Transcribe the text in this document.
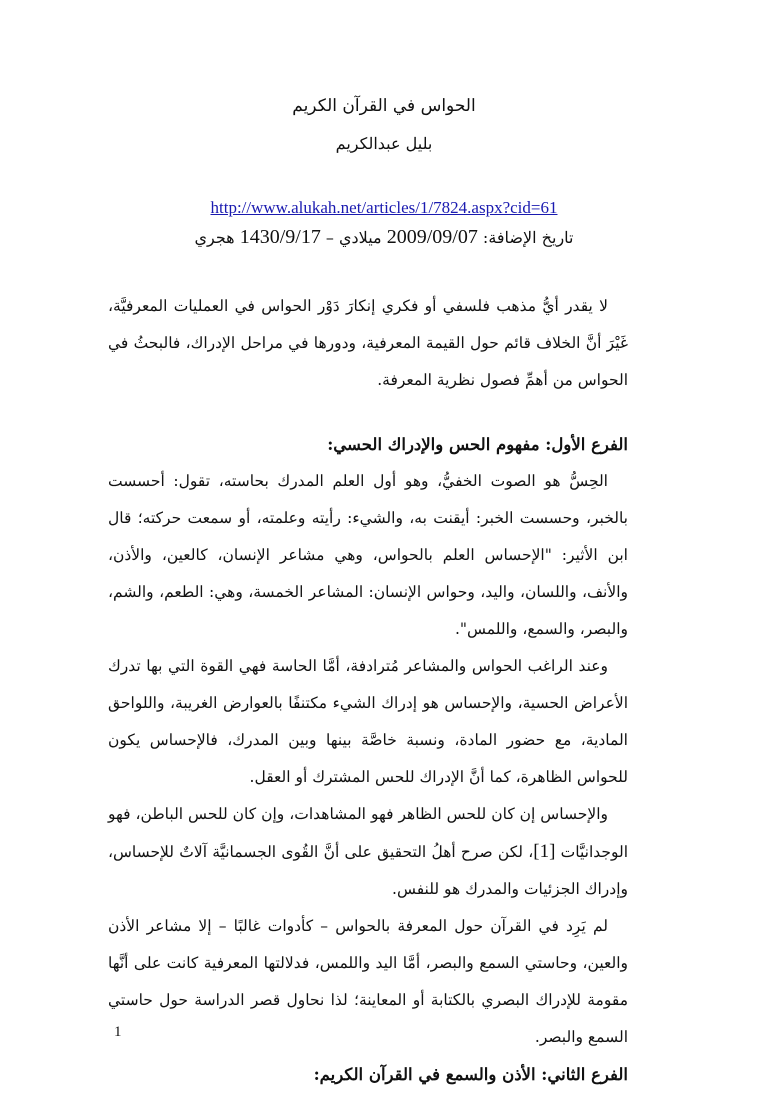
الحواس في القرآن الكريم
بليل عبدالكريم
http://www.alukah.net/articles/1/7824.aspx?cid=61
تاريخ الإضافة: 2009/09/07 ميلادي – 1430/9/17 هجري

لا يقدر أيُّ مذهب فلسفي أو فكري إنكارَ دَوْر الحواس في العمليات المعرفيَّة، غَيْرَ أنَّ الخلاف قائم حول القيمة المعرفية، ودورها في مراحل الإدراك، فالبحثُ في الحواس من أهمِّ فصول نظرية المعرفة.

الفرع الأول: مفهوم الحس والإدراك الحسي:

الحِسُّ هو الصوت الخفيُّ، وهو أول العلم المدرك بحاسته، تقول: أحسست بالخبر، وحسست الخبر: أيقنت به، والشيء: رأيته وعلمته، أو سمعت حركته؛ قال ابن الأثير: "الإحساس العلم بالحواس، وهي مشاعر الإنسان، كالعين، والأذن، والأنف، واللسان، واليد، وحواس الإنسان: المشاعر الخمسة، وهي: الطعم، والشم، والبصر، والسمع، واللمس".

وعند الراغب الحواس والمشاعر مُترادفة، أمَّا الحاسة فهي القوة التي بها تدرك الأعراض الحسية، والإحساس هو إدراك الشيء مكتنفًا بالعوارض الغريبة، واللواحق المادية، مع حضور المادة، ونسبة خاصَّة بينها وبين المدرك، فالإحساس يكون للحواس الظاهرة، كما أنَّ الإدراك للحس المشترك أو العقل.

والإحساس إن كان للحس الظاهر فهو المشاهدات، وإن كان للحس الباطن، فهو الوجدانيَّات [1]، لكن صرح أهلُ التحقيق على أنَّ القُوى الجسمانيَّة آلاتٌ للإحساس، وإدراك الجزئيات والمدرك هو للنفس.

لم يَرِد في القرآن حول المعرفة بالحواس – كأدوات غالبًا – إلا مشاعر الأذن والعين، وحاستي السمع والبصر، أمَّا اليد واللمس، فدلالتها المعرفية كانت على أنَّها مقومة للإدراك البصري بالكتابة أو المعاينة؛ لذا نحاول قصر الدراسة حول حاستي السمع والبصر.

الفرع الثاني: الأذن والسمع في القرآن الكريم:

1
